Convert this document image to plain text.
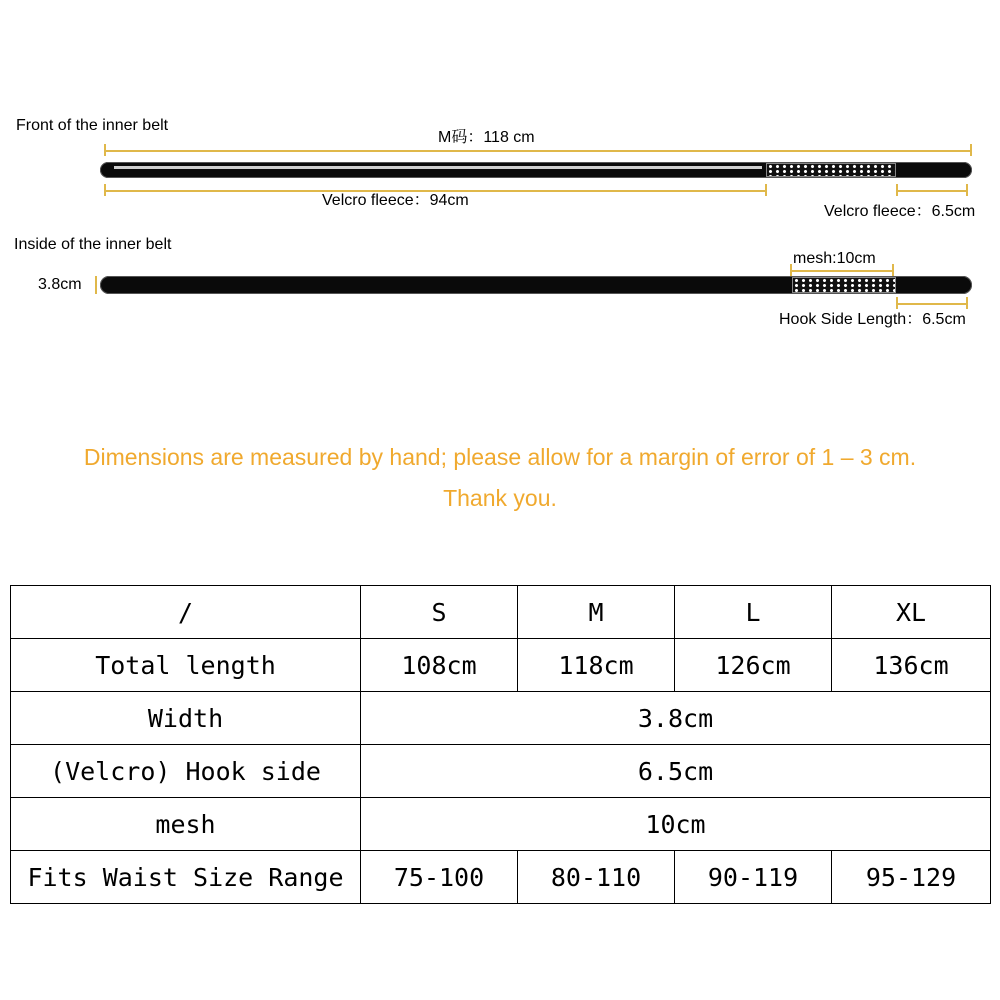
Front of the inner belt
M码：118 cm
Velcro fleece：94cm
Velcro fleece：6.5cm
Inside of the inner belt
3.8cm
mesh:10cm
Hook Side Length：6.5cm
Dimensions are measured by hand; please allow for a margin of error of 1 – 3 cm.
Thank you.
/	S	M	L	XL
Total length	108cm	118cm	126cm	136cm
Width	3.8cm			
(Velcro) Hook side	6.5cm			
mesh	10cm			
Fits Waist Size Range	75-100	80-110	90-119	95-129
